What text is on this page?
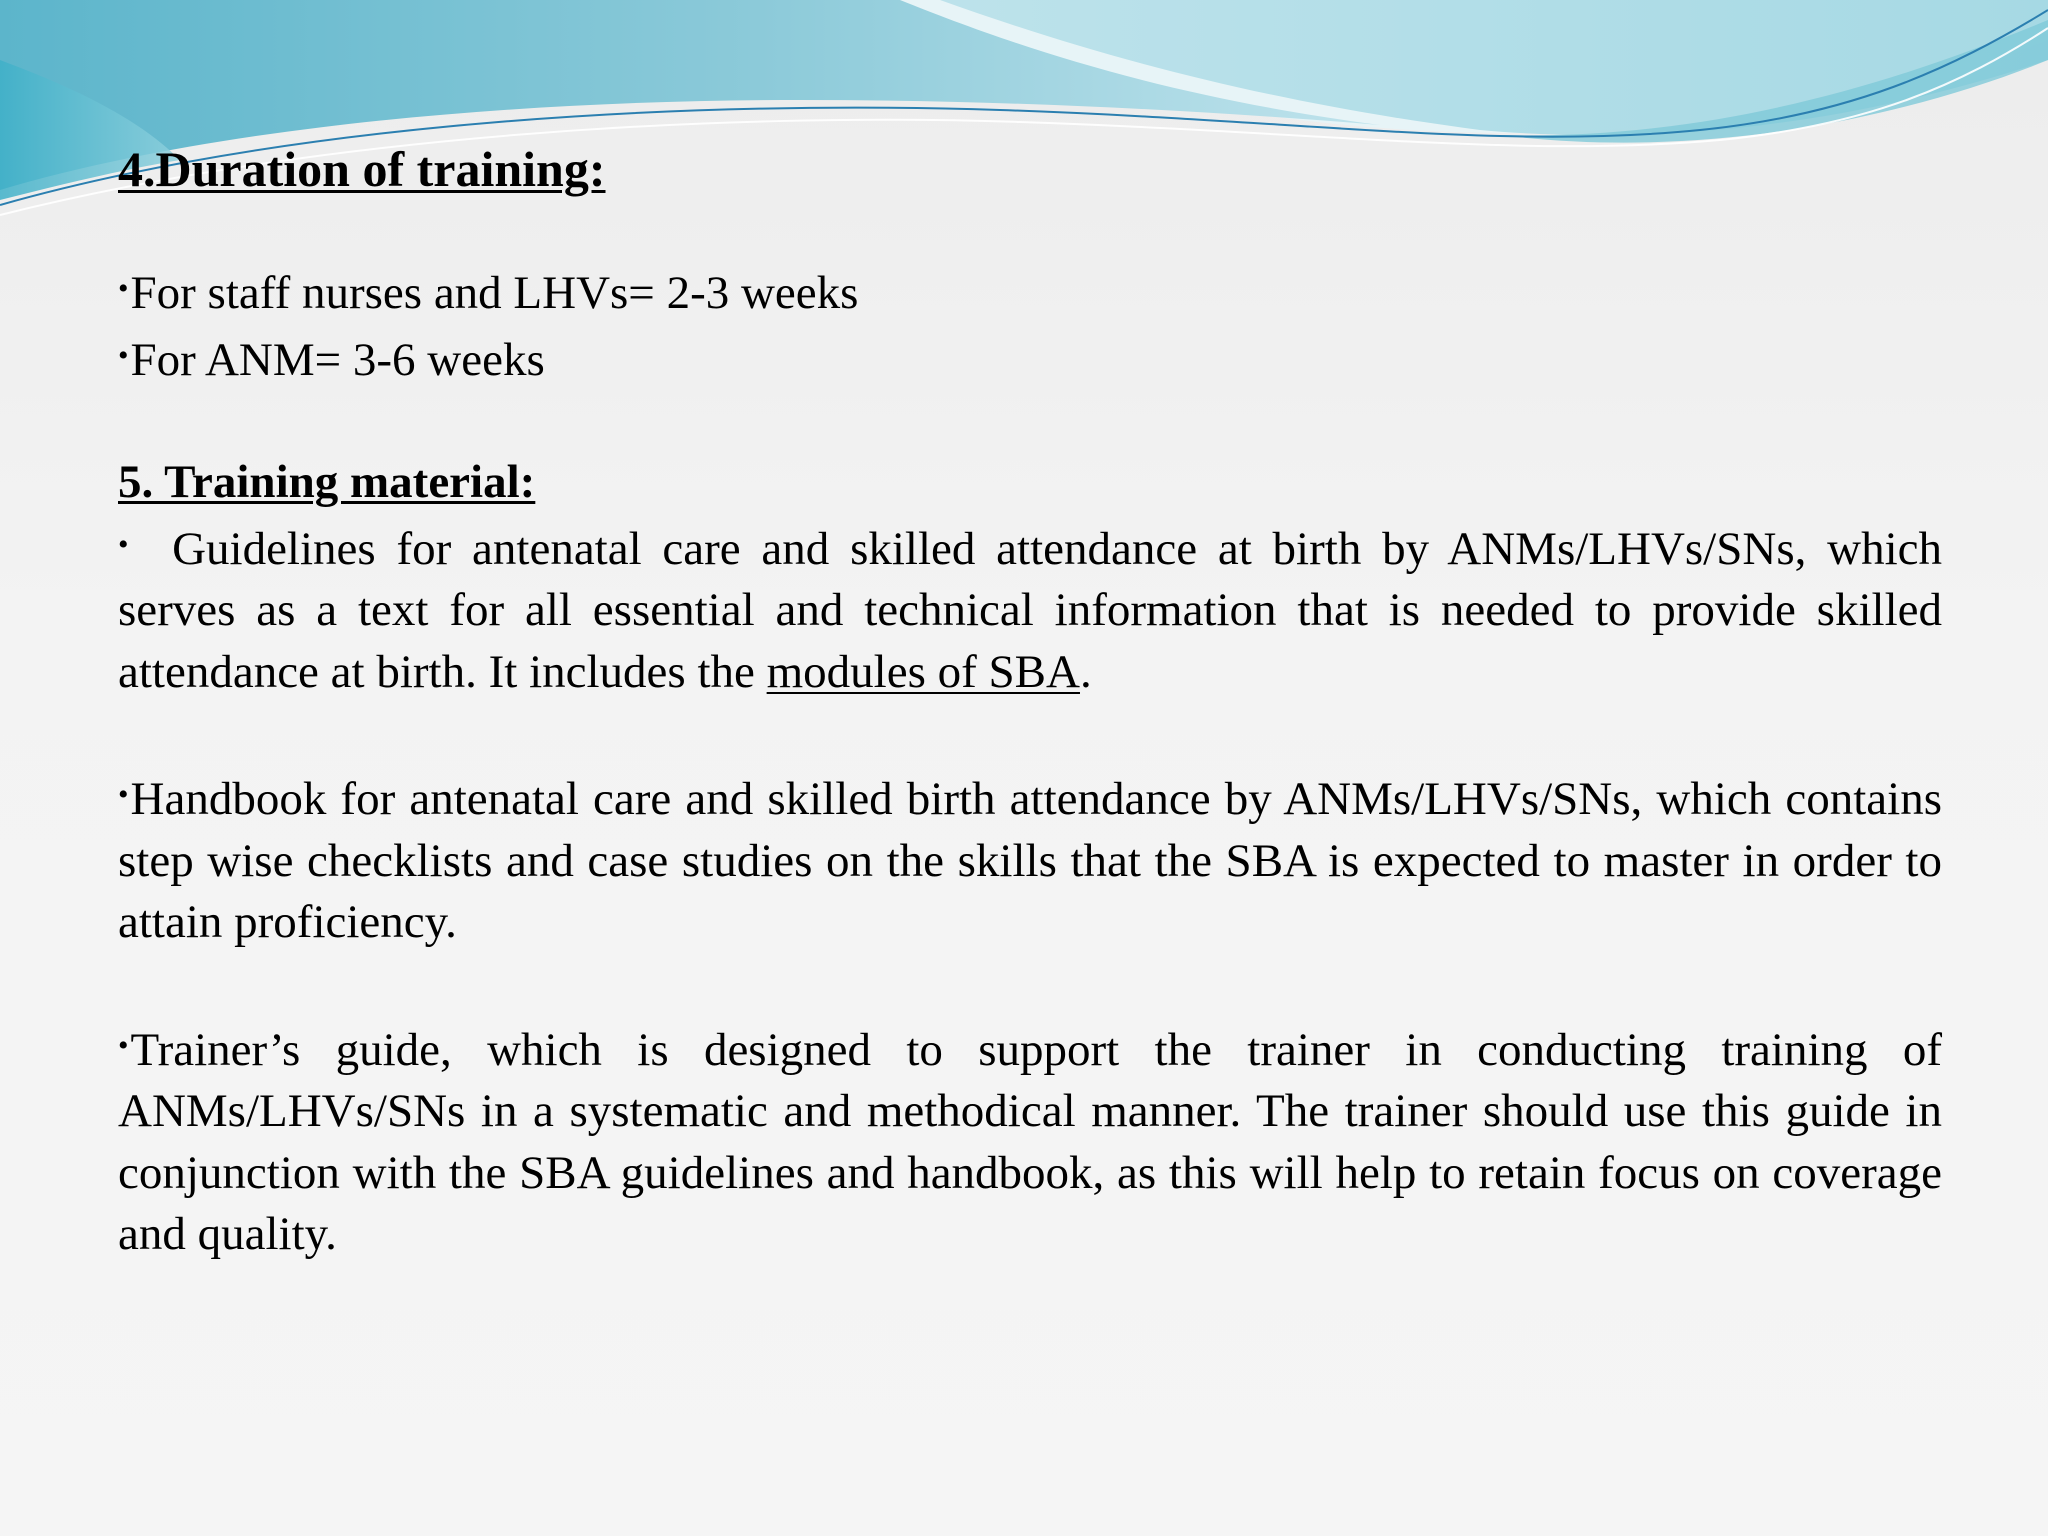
4.Duration of training:

•For staff nurses and LHVs= 2-3 weeks

•For ANM= 3-6 weeks

5. Training material:

• Guidelines for antenatal care and skilled attendance at birth by ANMs/LHVs/SNs, which serves as a text for all essential and technical information that is needed to provide skilled attendance at birth. It includes the modules of SBA.

•Handbook for antenatal care and skilled birth attendance by ANMs/LHVs/SNs, which contains step wise checklists and case studies on the skills that the SBA is expected to master in order to attain proficiency.

•Trainer’s guide, which is designed to support the trainer in conducting training of ANMs/LHVs/SNs in a systematic and methodical manner. The trainer should use this guide in conjunction with the SBA guidelines and handbook, as this will help to retain focus on coverage and quality.
